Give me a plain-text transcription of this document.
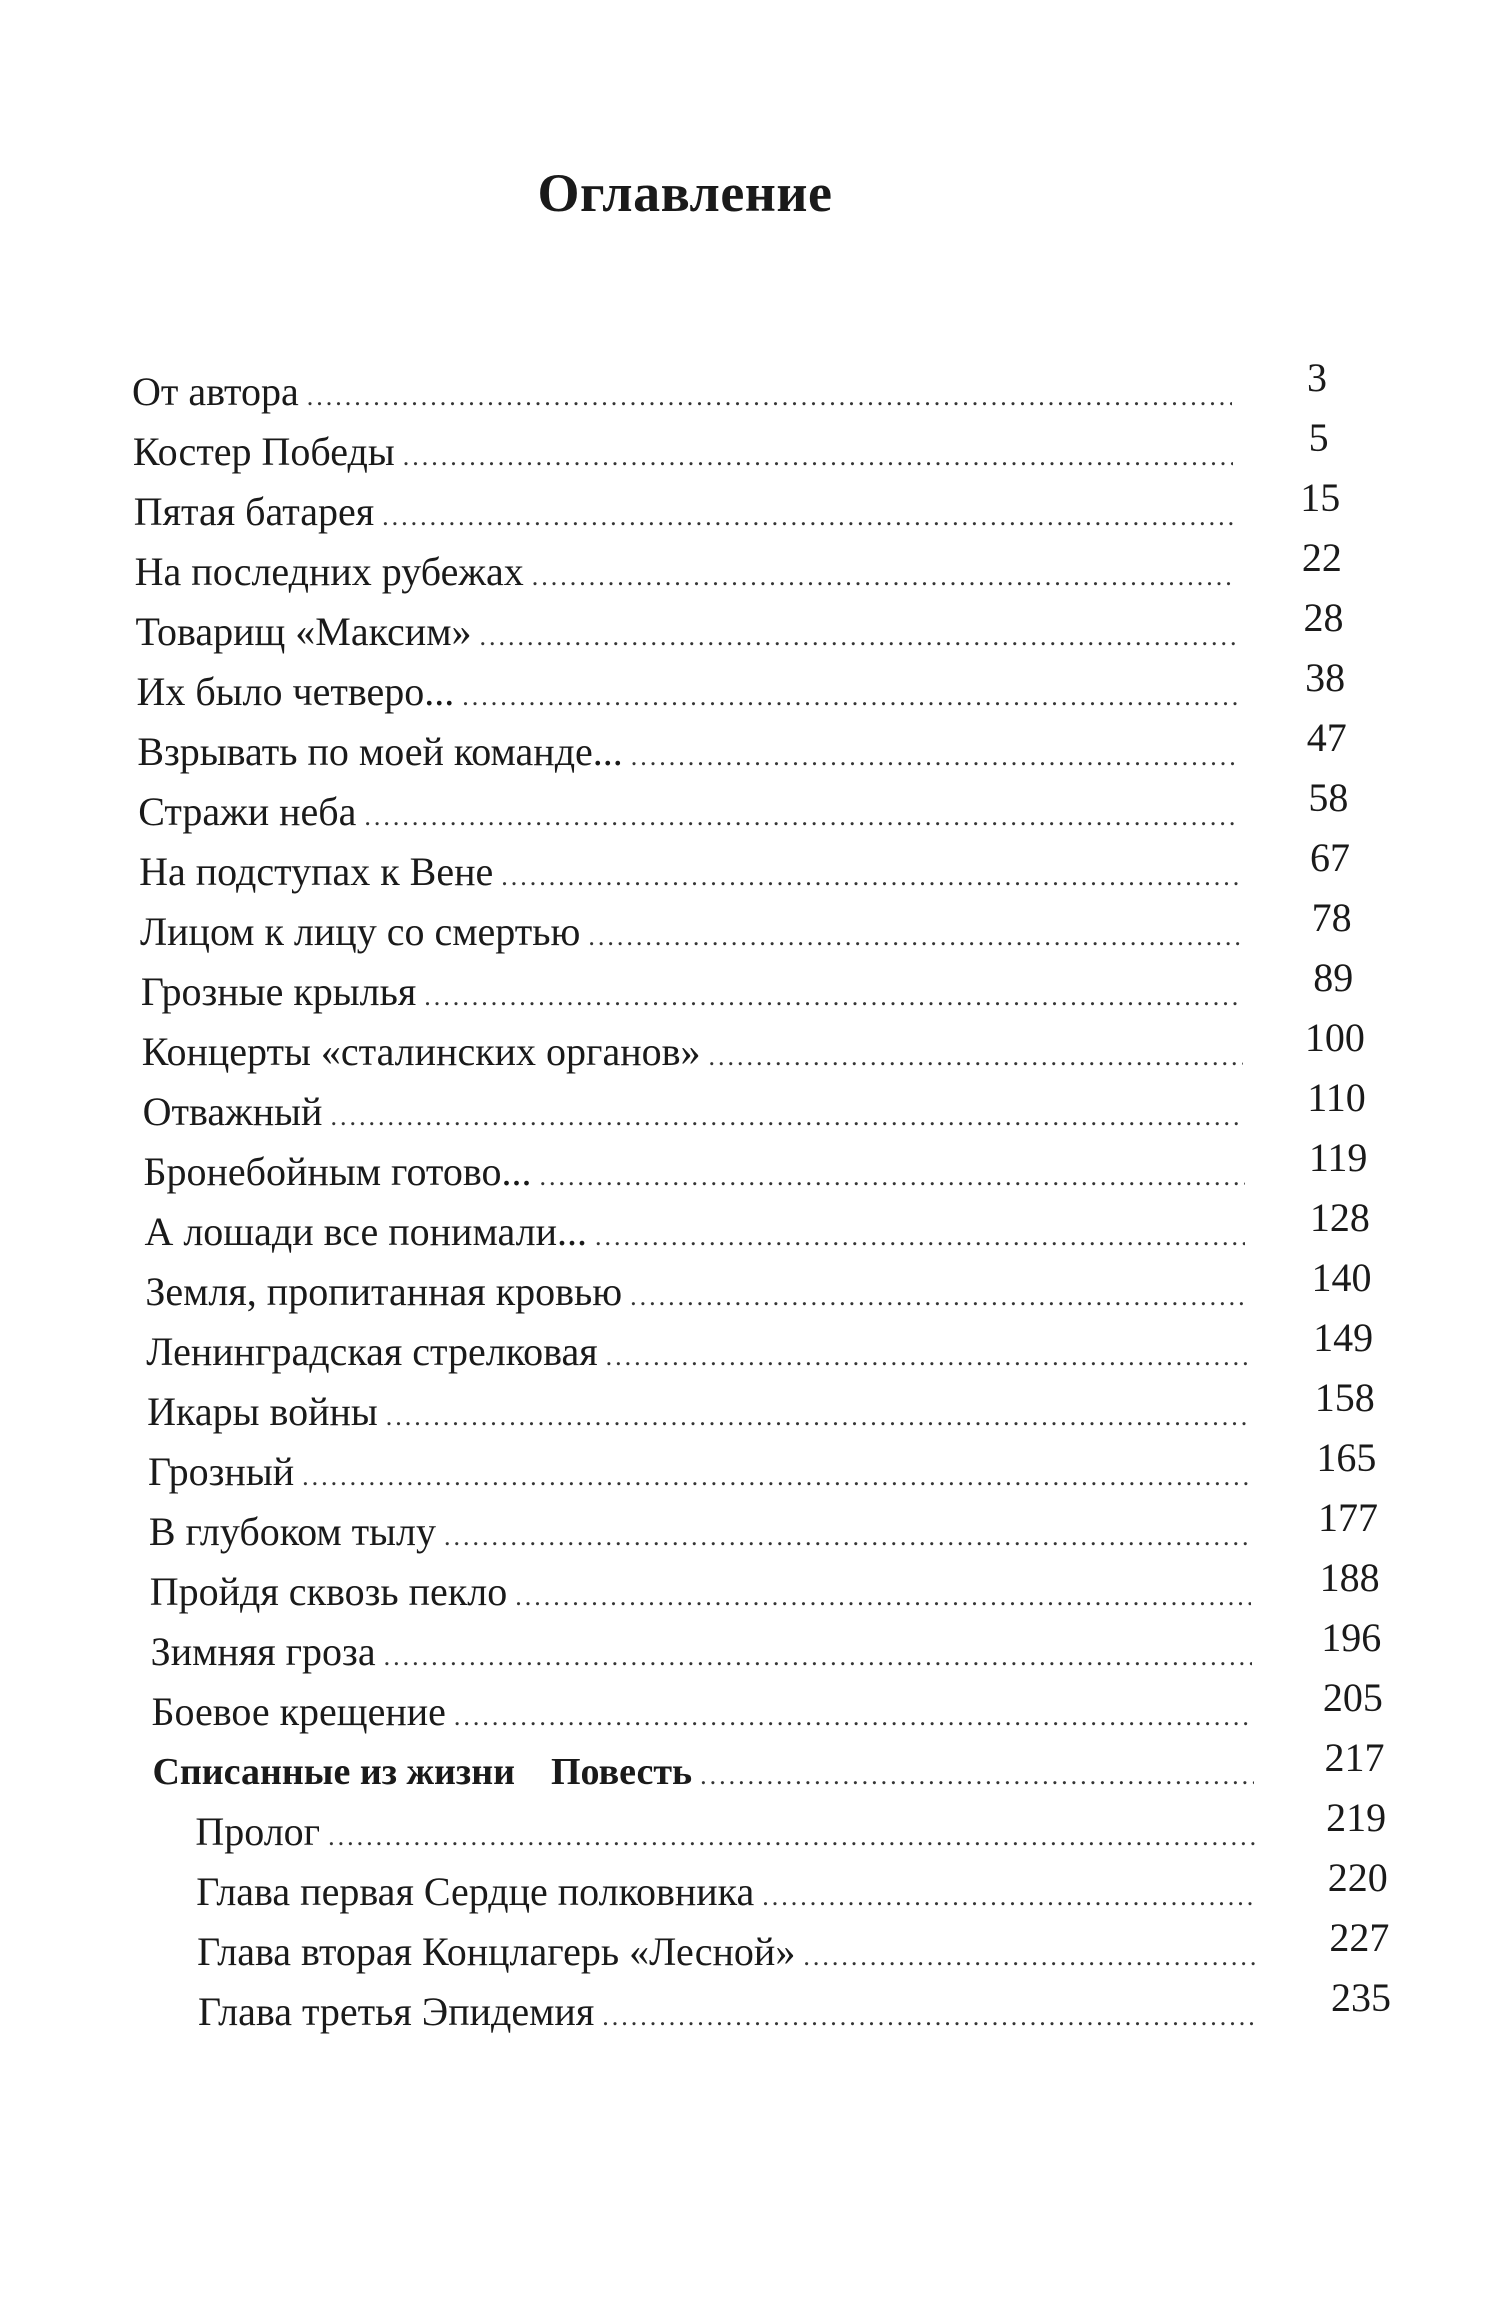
Оглавление
От автора .....	3
Костер Победы .....	5
Пятая батарея .....	15
На последних рубежах .....	22
Товарищ «Максим» .....	28
Их было четверо... .....	38
Взрывать по моей команде... .....	47
Стражи неба .....	58
На подступах к Вене .....	67
Лицом к лицу со смертью .....	78
Грозные крылья .....	89
Концерты «сталинских органов» .....	100
Отважный .....	110
Бронебойным готово... .....	119
А лошади все понимали... .....	128
Земля, пропитанная кровью .....	140
Ленинградская стрелковая .....	149
Икары войны .....	158
Грозный .....	165
В глубоком тылу .....	177
Пройдя сквозь пекло .....	188
Зимняя гроза .....	196
Боевое крещение .....	205
Списанные из жизни Повесть .....	217
Пролог .....	219
Глава первая Сердце полковника .....	220
Глава вторая Концлагерь «Лесной» .....	227
Глава третья Эпидемия .....	235
